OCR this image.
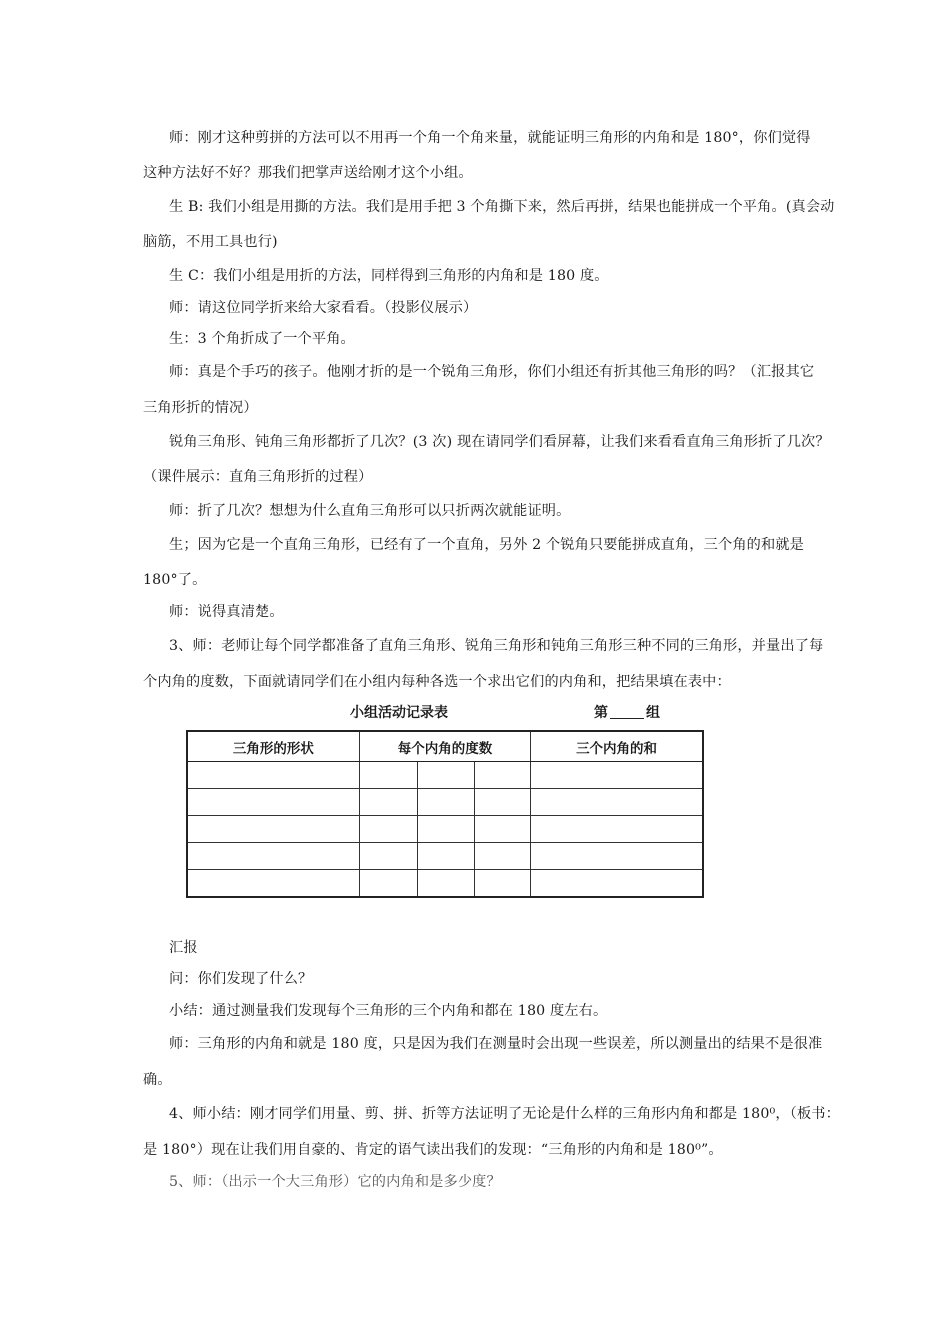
师：刚才这种剪拼的方法可以不用再一个角一个角来量，就能证明三角形的内角和是 180°，你们觉得
这种方法好不好？那我们把掌声送给刚才这个小组。
生 B: 我们小组是用撕的方法。我们是用手把 3 个角撕下来，然后再拼，结果也能拼成一个平角。(真会动
脑筋，不用工具也行)
生 C：我们小组是用折的方法，同样得到三角形的内角和是 180 度。
师：请这位同学折来给大家看看。（投影仪展示）
生：3 个角折成了一个平角。
师：真是个手巧的孩子。他刚才折的是一个锐角三角形，你们小组还有折其他三角形的吗？（汇报其它
三角形折的情况）
锐角三角形、钝角三角形都折了几次？(3 次) 现在请同学们看屏幕，让我们来看看直角三角形折了几次？
（课件展示：直角三角形折的过程）
师：折了几次？想想为什么直角三角形可以只折两次就能证明。
生；因为它是一个直角三角形，已经有了一个直角，另外 2 个锐角只要能拼成直角，三个角的和就是
180°了。
师：说得真清楚。
3、师：老师让每个同学都准备了直角三角形、锐角三角形和钝角三角形三种不同的三角形，并量出了每
个内角的度数，下面就请同学们在小组内每种各选一个求出它们的内角和，把结果填在表中：
小组活动记录表	第	组
三角形的形状	每个内角的度数			三个内角的和

汇报
问：你们发现了什么？
小结：通过测量我们发现每个三角形的三个内角和都在 180 度左右。
师：三角形的内角和就是 180 度，只是因为我们在测量时会出现一些误差，所以测量出的结果不是很准
确。
4、师小结：刚才同学们用量、剪、拼、折等方法证明了无论是什么样的三角形内角和都是 180⁰，（板书：
是 180°）现在让我们用自豪的、肯定的语气读出我们的发现：“三角形的内角和是 180⁰”。
5、师：（出示一个大三角形）它的内角和是多少度？
